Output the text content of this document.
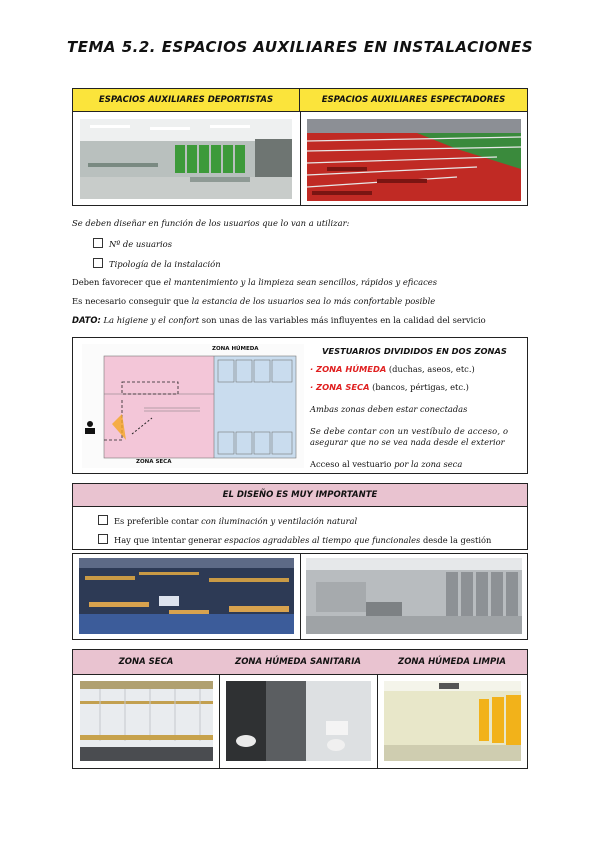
TEMA 5.2. ESPACIOS AUXILIARES EN INSTALACIONES
ESPACIOS AUXILIARES DEPORTISTAS	ESPACIOS AUXILIARES ESPECTADORES
Se deben diseñar en función de los usuarios que lo van a utilizar:
Nº de usuarios
Tipología de la instalación
Deben favorecer que el mantenimiento y la limpieza sean sencillos, rápidos y eficaces
Es necesario conseguir que la estancia de los usuarios sea lo más confortable posible
DATO: La higiene y el confort son unas de las variables más influyentes en la calidad del servicio
ZONA HÚMEDA
ZONA SECA
VESTUARIOS DIVIDIDOS EN DOS ZONAS
· ZONA HÚMEDA (duchas, aseos, etc.)
· ZONA SECA (bancos, pértigas, etc.)
Ambas zonas deben estar conectadas
Se debe contar con un vestíbulo de acceso, o
asegurar que no se vea nada desde el exterior
Acceso al vestuario por la zona seca
EL DISEÑO ES MUY IMPORTANTE
Es preferible contar con iluminación y ventilación natural
Hay que intentar generar espacios agradables al tiempo que funcionales desde la gestión
ZONA SECA	ZONA HÚMEDA SANITARIA	ZONA HÚMEDA LIMPIA
